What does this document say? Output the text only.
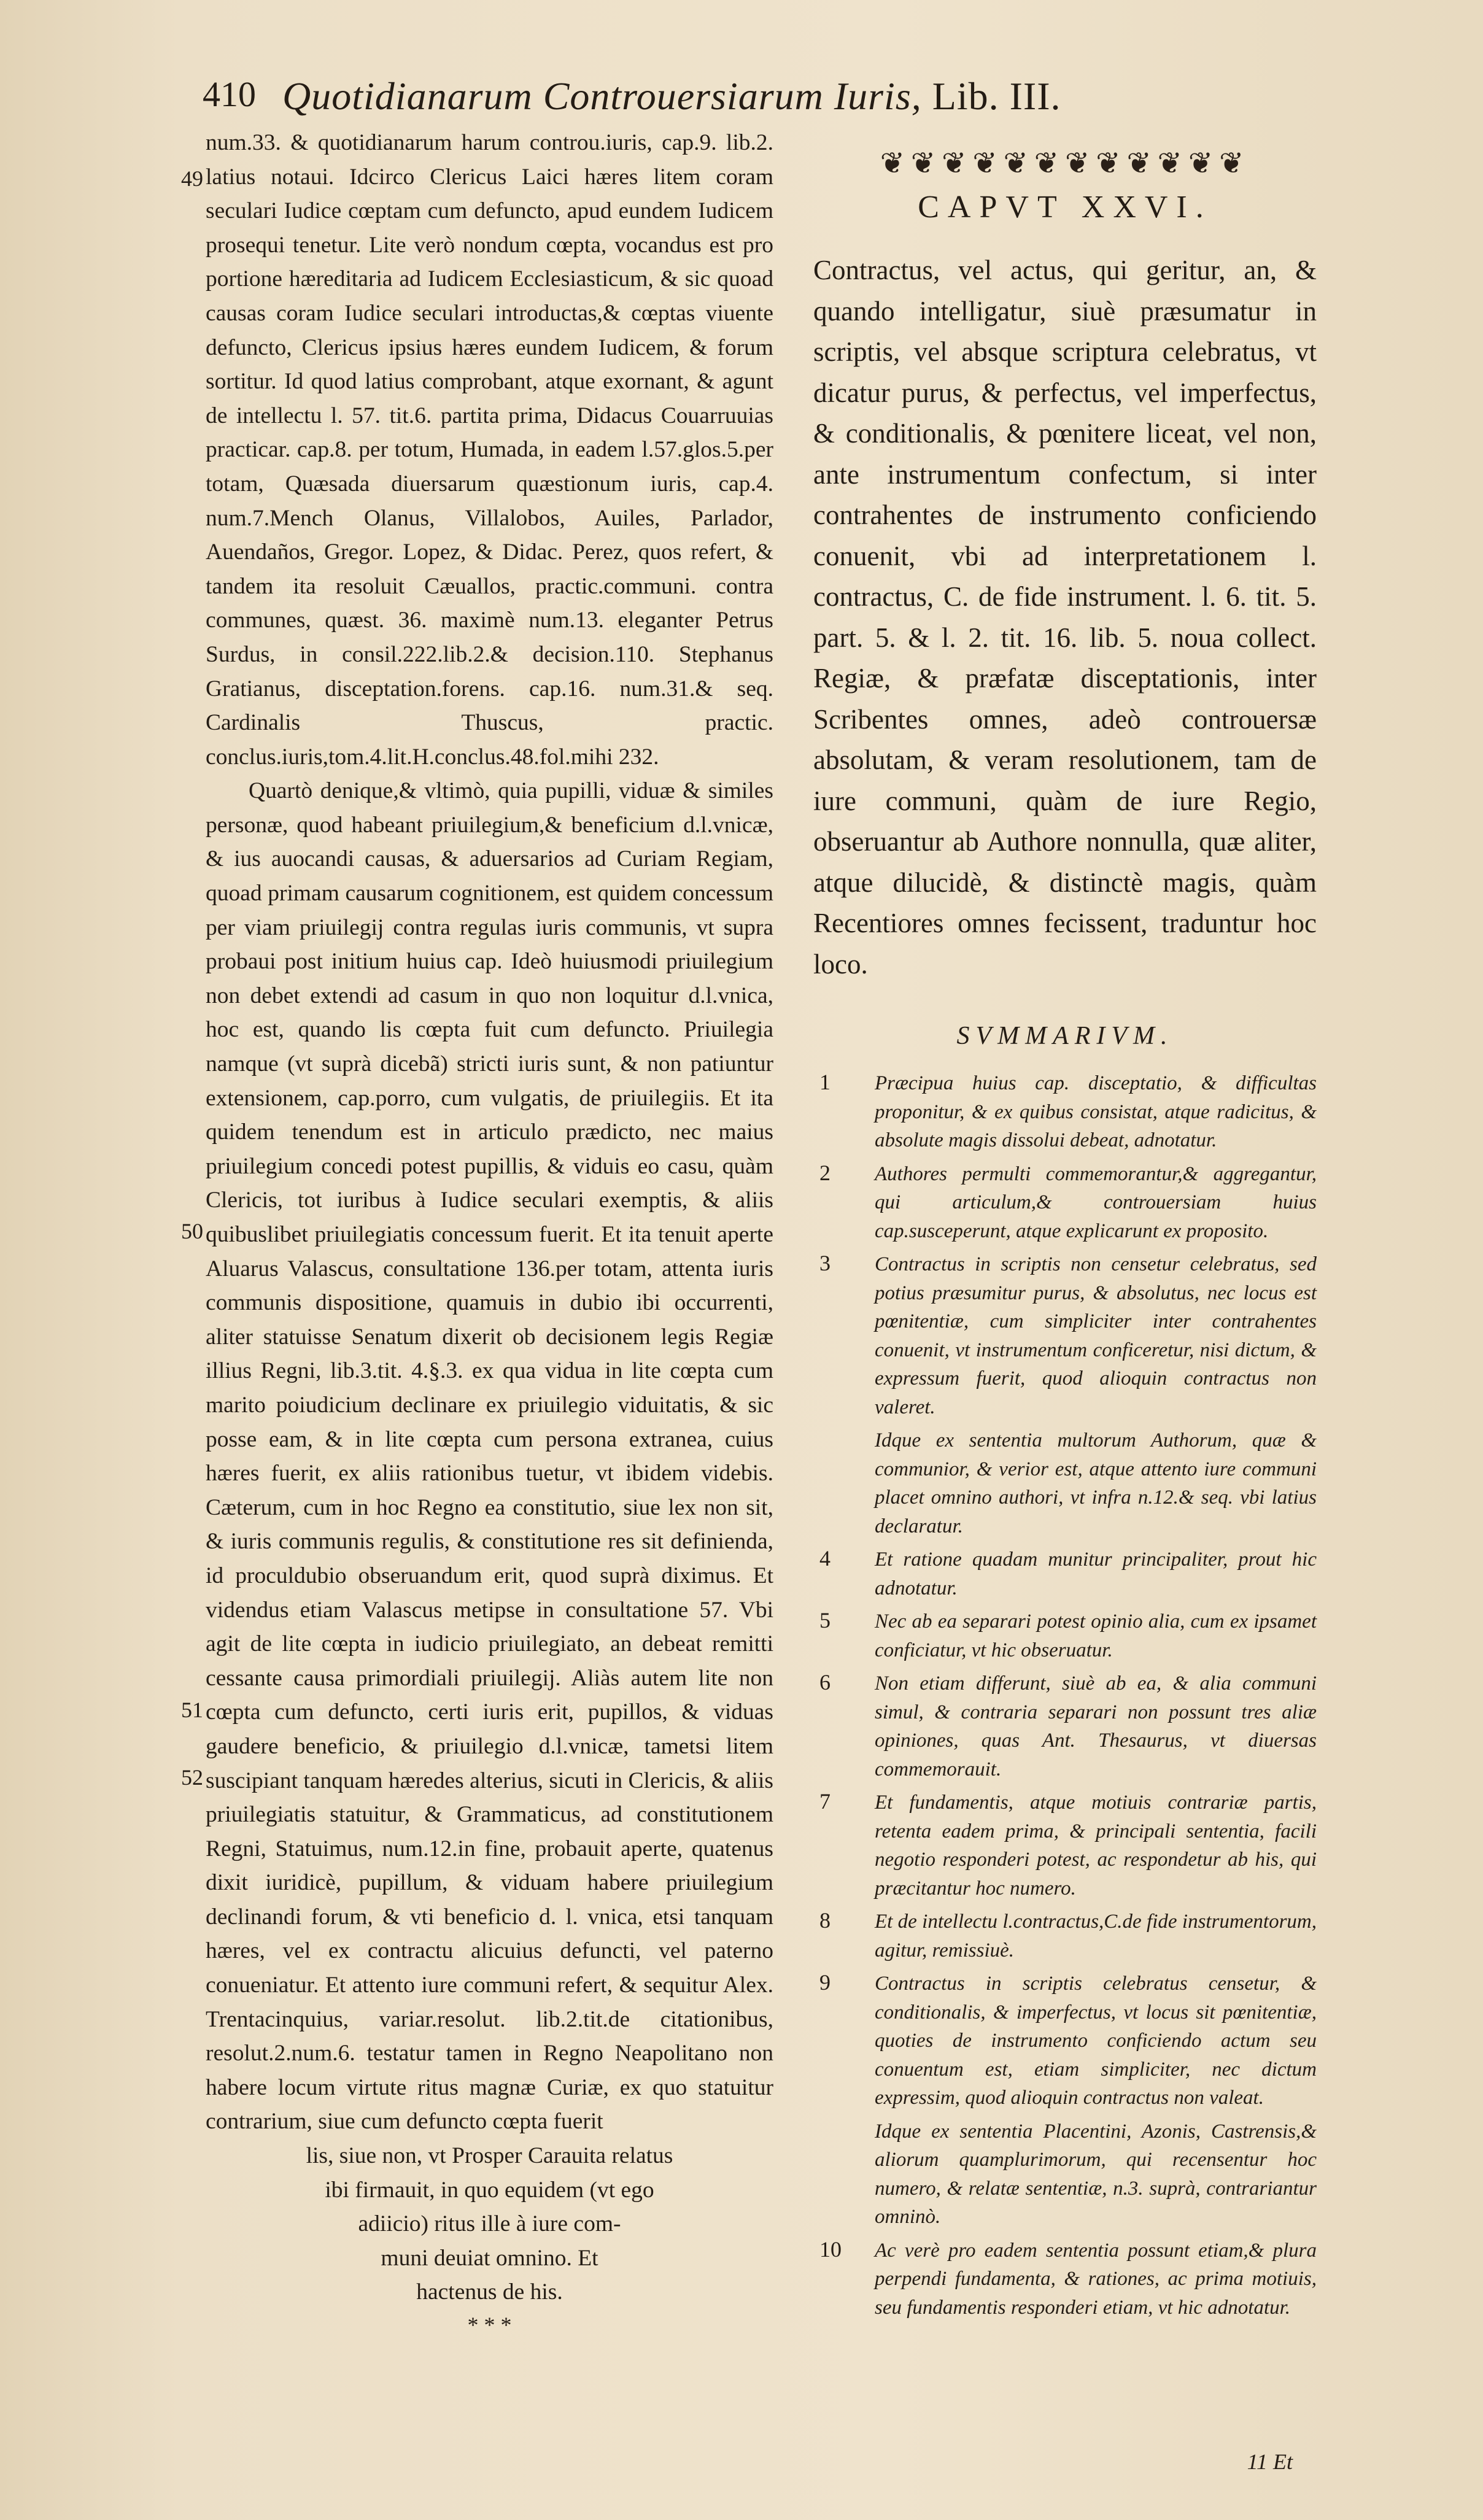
410 Quotidianarum Controuersiarum Iuris, Lib. III.
49
50
51
52

num.33. & quotidianarum harum controu.iuris, cap.9. lib.2. latius notaui. Idcirco Clericus Laici hæres litem coram seculari Iudice cœptam cum defuncto, apud eundem Iudicem prosequi tenetur. Lite verò nondum cœpta, vocandus est pro portione hæreditaria ad Iudicem Ecclesiasticum, & sic quoad causas coram Iudice seculari introductas,& cœptas viuente defuncto, Clericus ipsius hæres eundem Iudicem, & forum sortitur. Id quod latius comprobant, atque exornant, & agunt de intellectu l. 57. tit.6. partita prima, Didacus Couarruuias practicar. cap.8. per totum, Humada, in eadem l.57.glos.5.per totam, Quæsada diuersarum quæstionum iuris, cap.4. num.7.Mench Olanus, Villalobos, Auiles, Parlador, Auendaños, Gregor. Lopez, & Didac. Perez, quos refert, & tandem ita resoluit Cæuallos, practic.communi. contra communes, quæst. 36. maximè num.13. eleganter Petrus Surdus, in consil.222.lib.2.& decision.110. Stephanus Gratianus, disceptation.forens. cap.16. num.31.& seq. Cardinalis Thuscus, practic. conclus.iuris,tom.4.lit.H.conclus.48.fol.mihi 232.

Quartò denique,& vltimò, quia pupilli, viduæ & similes personæ, quod habeant priuilegium,& beneficium d.l.vnicæ, & ius auocandi causas, & aduersarios ad Curiam Regiam, quoad primam causarum cognitionem, est quidem concessum per viam priuilegij contra regulas iuris communis, vt supra probaui post initium huius cap. Ideò huiusmodi priuilegium non debet extendi ad casum in quo non loquitur d.l.vnica, hoc est, quando lis cœpta fuit cum defuncto. Priuilegia namque (vt suprà dicebã) stricti iuris sunt, & non patiuntur extensionem, cap.porro, cum vulgatis, de priuilegiis. Et ita quidem tenendum est in articulo prædicto, nec maius priuilegium concedi potest pupillis, & viduis eo casu, quàm Clericis, tot iuribus à Iudice seculari exemptis, & aliis quibuslibet priuilegiatis concessum fuerit. Et ita tenuit aperte Aluarus Valascus, consultatione 136.per totam, attenta iuris communis dispositione, quamuis in dubio ibi occurrenti, aliter statuisse Senatum dixerit ob decisionem legis Regiæ illius Regni, lib.3.tit. 4.§.3. ex qua vidua in lite cœpta cum marito poiudicium declinare ex priuilegio viduitatis, & sic posse eam, & in lite cœpta cum persona extranea, cuius hæres fuerit, ex aliis rationibus tuetur, vt ibidem videbis. Cæterum, cum in hoc Regno ea constitutio, siue lex non sit, & iuris communis regulis, & constitutione res sit definienda, id proculdubio obseruandum erit, quod suprà diximus. Et videndus etiam Valascus metipse in consultatione 57. Vbi agit de lite cœpta in iudicio priuilegiato, an debeat remitti cessante causa primordiali priuilegij. Aliàs autem lite non cœpta cum defuncto, certi iuris erit, pupillos, & viduas gaudere beneficio, & priuilegio d.l.vnicæ, tametsi litem suscipiant tanquam hæredes alterius, sicuti in Clericis, & aliis priuilegiatis statuitur, & Grammaticus, ad constitutionem Regni, Statuimus, num.12.in fine, probauit aperte, quatenus dixit iuridicè, pupillum, & viduam habere priuilegium declinandi forum, & vti beneficio d. l. vnica, etsi tanquam hæres, vel ex contractu alicuius defuncti, vel paterno conueniatur. Et attento iure communi refert, & sequitur Alex. Trentacinquius, variar.resolut. lib.2.tit.de citationibus, resolut.2.num.6. testatur tamen in Regno Neapolitano non habere locum virtute ritus magnæ Curiæ, ex quo statuitur contrarium, siue cum defuncto cœpta fuerit

lis, siue non, vt Prosper Carauita relatus

ibi firmauit, in quo equidem (vt ego

adiicio) ritus ille à iure com-

muni deuiat omnino. Et

hactenus de his.

* * *
❦❦❦❦❦❦❦❦❦❦❦❦
CAPVT XXVI.

Contractus, vel actus, qui geritur, an, & quando intelligatur, siuè præsumatur in scriptis, vel absque scriptura celebratus, vt dicatur purus, & perfectus, vel imperfectus, & conditionalis, & pœnitere liceat, vel non, ante instrumentum confectum, si inter contrahentes de instrumento conficiendo conuenit, vbi ad interpretationem l. contractus, C. de fide instrument. l. 6. tit. 5. part. 5. & l. 2. tit. 16. lib. 5. noua collect. Regiæ, & præfatæ disceptationis, inter Scribentes omnes, adeò controuersæ absolutam, & veram resolutionem, tam de iure communi, quàm de iure Regio, obseruantur ab Authore nonnulla, quæ aliter, atque dilucidè, & distinctè magis, quàm Recentiores omnes fecissent, traduntur hoc loco.

SVMMARIVM.
1 Præcipua huius cap. disceptatio, & difficultas proponitur, & ex quibus consistat, atque radicitus, & absolute magis dissolui debeat, adnotatur.
2 Authores permulti commemorantur,& aggregantur, qui articulum,& controuersiam huius cap.susceperunt, atque explicarunt ex proposito.
3 Contractus in scriptis non censetur celebratus, sed potius præsumitur purus, & absolutus, nec locus est pœnitentiæ, cum simpliciter inter contrahentes conuenit, vt instrumentum conficeretur, nisi dictum, & expressum fuerit, quod alioquin contractus non valeret.
Idque ex sententia multorum Authorum, quæ & communior, & verior est, atque attento iure communi placet omnino authori, vt infra n.12.& seq. vbi latius declaratur.
4 Et ratione quadam munitur principaliter, prout hic adnotatur.
5 Nec ab ea separari potest opinio alia, cum ex ipsamet conficiatur, vt hic obseruatur.
6 Non etiam differunt, siuè ab ea, & alia communi simul, & contraria separari non possunt tres aliæ opiniones, quas Ant. Thesaurus, vt diuersas commemorauit.
7 Et fundamentis, atque motiuis contrariæ partis, retenta eadem prima, & principali sententia, facili negotio responderi potest, ac respondetur ab his, qui præcitantur hoc numero.
8 Et de intellectu l.contractus,C.de fide instrumentorum, agitur, remissiuè.
9 Contractus in scriptis celebratus censetur, & conditionalis, & imperfectus, vt locus sit pœnitentiæ, quoties de instrumento conficiendo actum seu conuentum est, etiam simpliciter, nec dictum expressim, quod alioquin contractus non valeat.
Idque ex sententia Placentini, Azonis, Castrensis,& aliorum quamplurimorum, qui recensentur hoc numero, & relatæ sententiæ, n.3. suprà, contrariantur omninò.
10 Ac verè pro eadem sententia possunt etiam,& plura perpendi fundamenta, & rationes, ac prima motiuis, seu fundamentis responderi etiam, vt hic adnotatur.
11 Et
